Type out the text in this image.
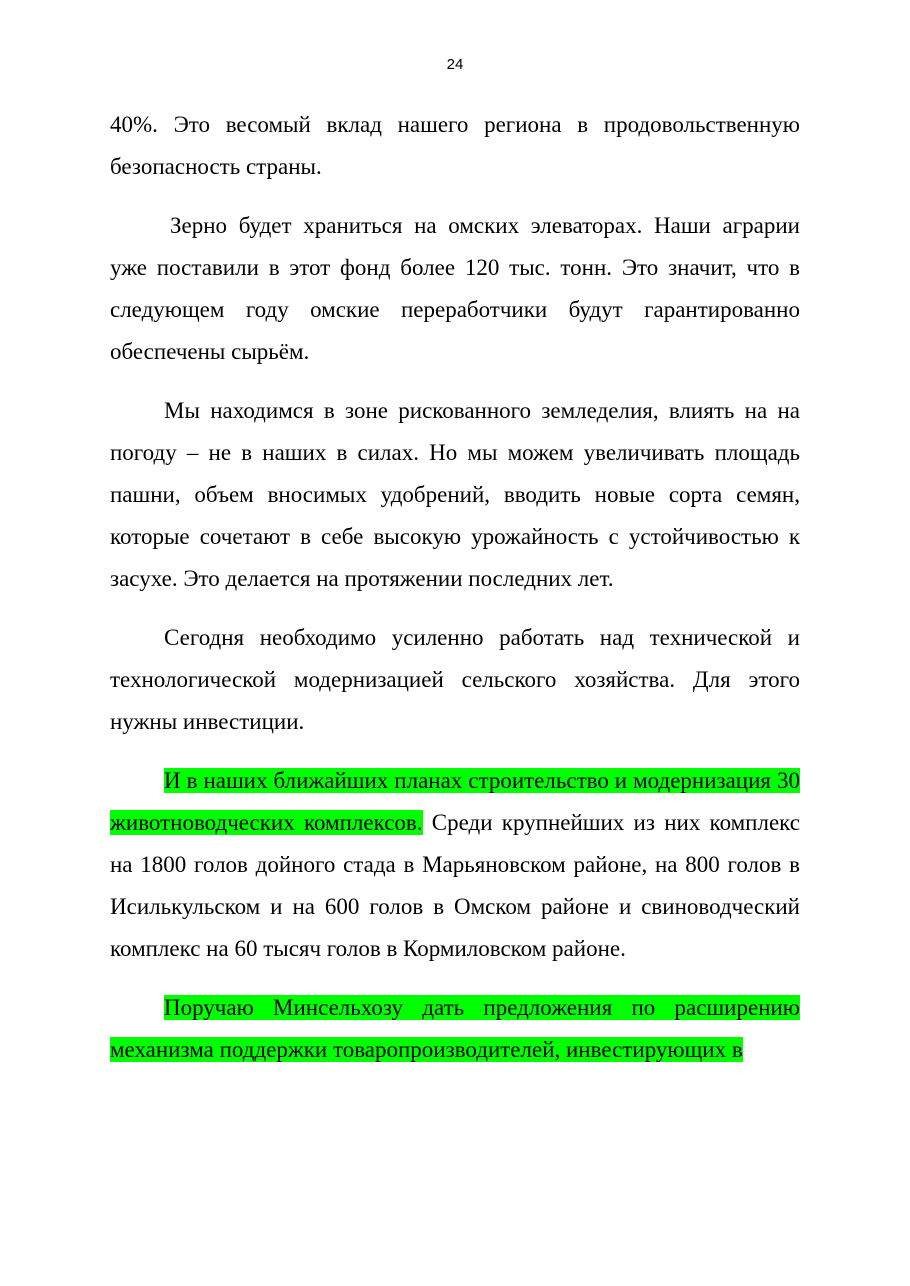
24

40%. Это весомый вклад нашего региона в продовольственную безопасность страны.

Зерно будет храниться на омских элеваторах. Наши аграрии уже поставили в этот фонд более 120 тыс. тонн. Это значит, что в следующем году омские переработчики будут гарантированно обеспечены сырьём.

Мы находимся в зоне рискованного земледелия, влиять на на погоду – не в наших в силах. Но мы можем увеличивать площадь пашни, объем вносимых удобрений, вводить новые сорта семян, которые сочетают в себе высокую урожайность с устойчивостью к засухе. Это делается на протяжении последних лет.

Сегодня необходимо усиленно работать над технической и технологической модернизацией сельского хозяйства. Для этого нужны инвестиции.

И в наших ближайших планах строительство и модернизация 30 животноводческих комплексов. Среди крупнейших из них комплекс на 1800 голов дойного стада в Марьяновском районе, на 800 голов в Исилькульском и на 600 голов в Омском районе и свиноводческий комплекс на 60 тысяч голов в Кормиловском районе.

Поручаю Минсельхозу дать предложения по расширению механизма поддержки товаропроизводителей, инвестирующих в
